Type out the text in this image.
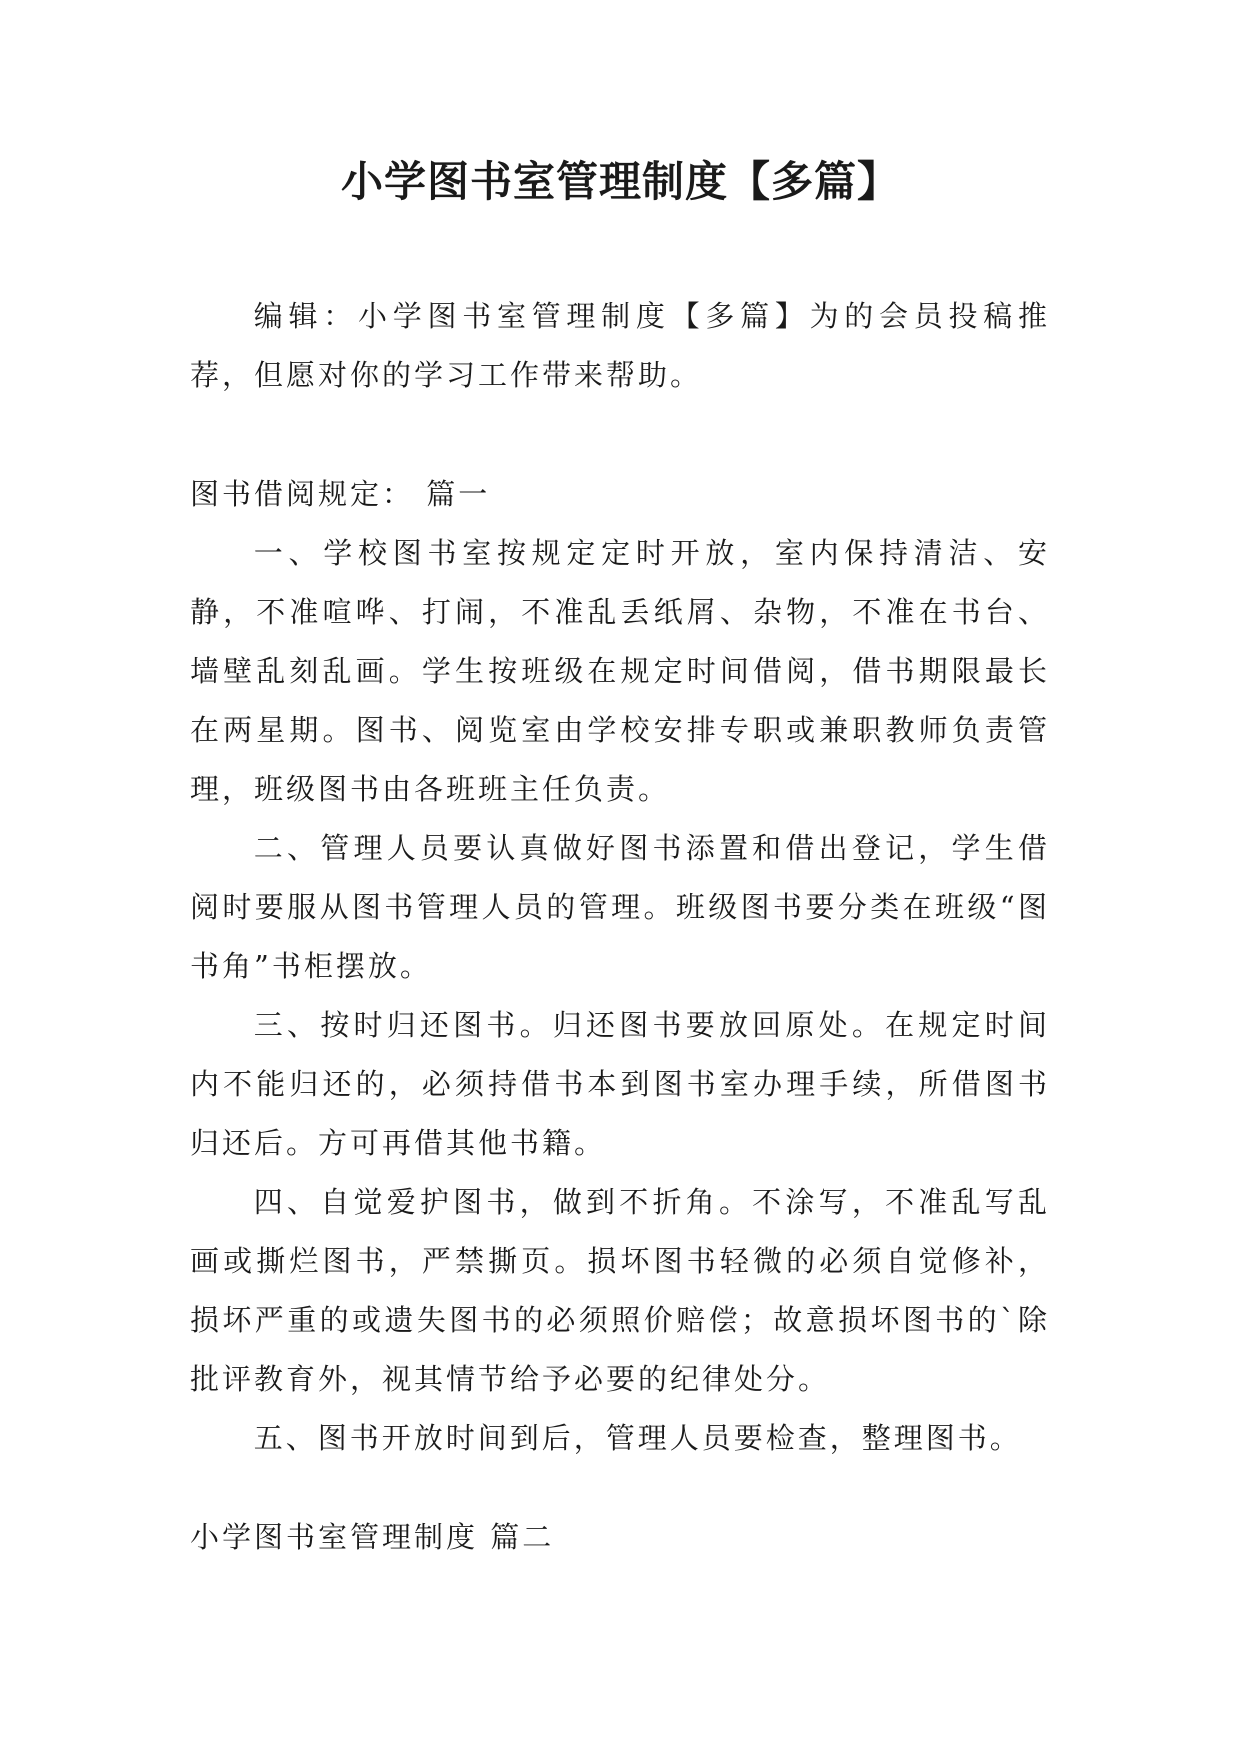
小学图书室管理制度【多篇】

编辑：小学图书室管理制度【多篇】为的会员投稿推荐，但愿对你的学习工作带来帮助。

图书借阅规定： 篇一

一、学校图书室按规定定时开放，室内保持清洁、安静，不准喧哗、打闹，不准乱丢纸屑、杂物，不准在书台、墙壁乱刻乱画。学生按班级在规定时间借阅，借书期限最长在两星期。图书、阅览室由学校安排专职或兼职教师负责管理，班级图书由各班班主任负责。

二、管理人员要认真做好图书添置和借出登记，学生借阅时要服从图书管理人员的管理。班级图书要分类在班级“图书角”书柜摆放。

三、按时归还图书。归还图书要放回原处。在规定时间内不能归还的，必须持借书本到图书室办理手续，所借图书归还后。方可再借其他书籍。

四、自觉爱护图书，做到不折角。不涂写，不准乱写乱画或撕烂图书，严禁撕页。损坏图书轻微的必须自觉修补，损坏严重的或遗失图书的必须照价赔偿；故意损坏图书的`除批评教育外，视其情节给予必要的纪律处分。

五、图书开放时间到后，管理人员要检查，整理图书。

小学图书室管理制度 篇二
